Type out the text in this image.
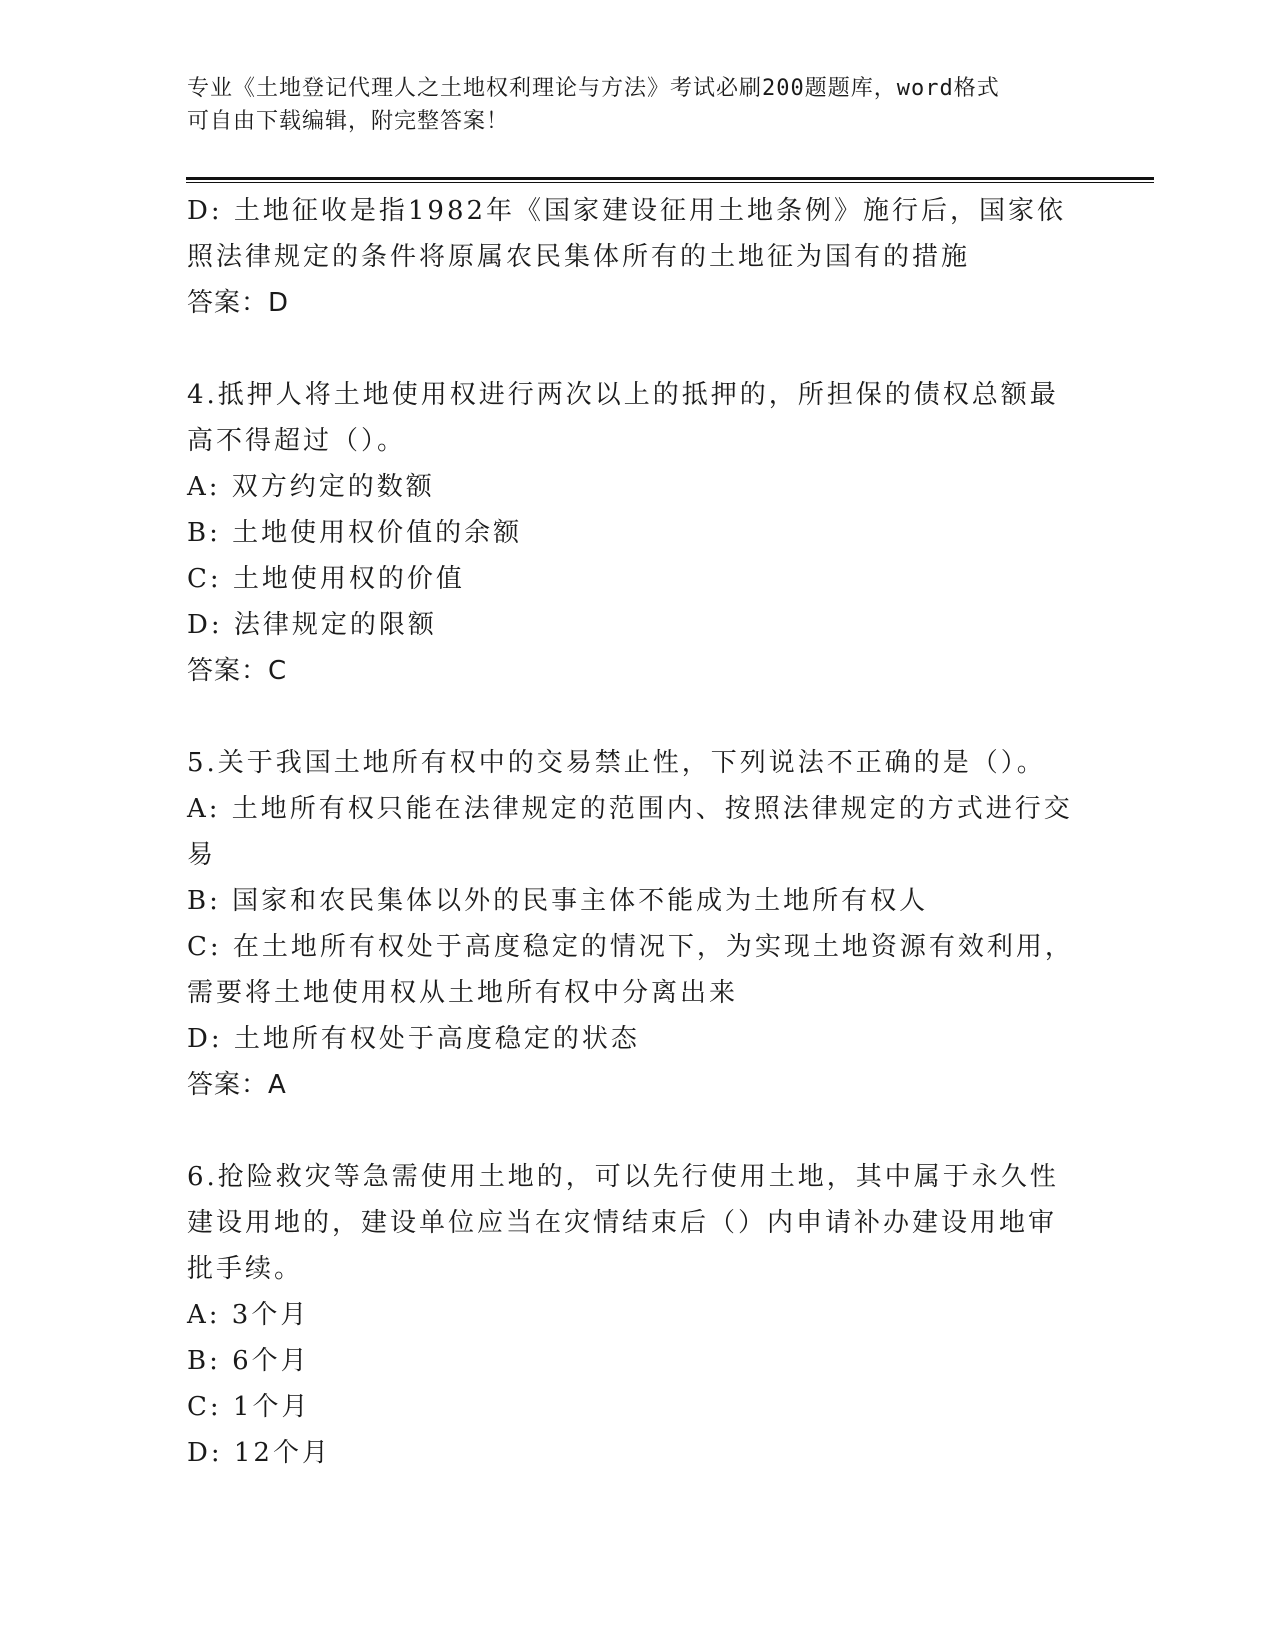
专业《土地登记代理人之土地权利理论与方法》考试必刷200题题库，word格式
可自由下载编辑，附完整答案！
D: 土地征收是指1982年《国家建设征用土地条例》施行后，国家依
照法律规定的条件将原属农民集体所有的土地征为国有的措施
答案：D
4.抵押人将土地使用权进行两次以上的抵押的，所担保的债权总额最
高不得超过（）。
A: 双方约定的数额
B: 土地使用权价值的余额
C: 土地使用权的价值
D: 法律规定的限额
答案：C
5.关于我国土地所有权中的交易禁止性，下列说法不正确的是（）。
A: 土地所有权只能在法律规定的范围内、按照法律规定的方式进行交
易
B: 国家和农民集体以外的民事主体不能成为土地所有权人
C: 在土地所有权处于高度稳定的情况下，为实现土地资源有效利用，
需要将土地使用权从土地所有权中分离出来
D: 土地所有权处于高度稳定的状态
答案：A
6.抢险救灾等急需使用土地的，可以先行使用土地，其中属于永久性
建设用地的，建设单位应当在灾情结束后（）内申请补办建设用地审
批手续。
A: 3个月
B: 6个月
C: 1个月
D: 12个月
